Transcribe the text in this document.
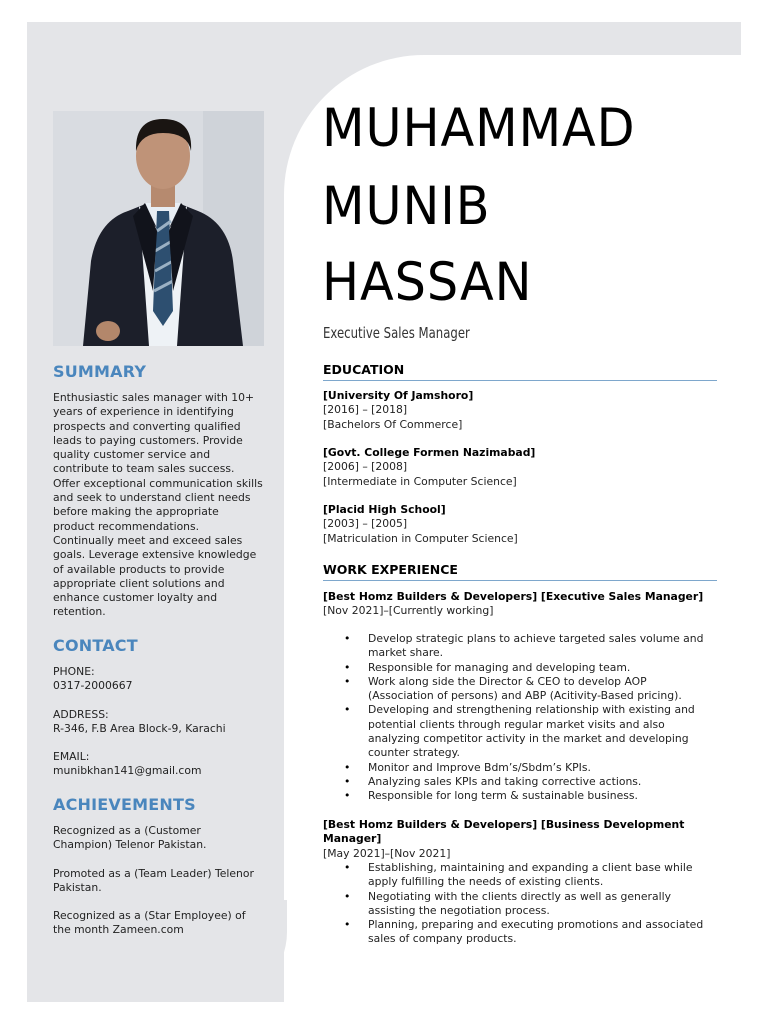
SUMMARY
Enthusiastic sales manager with 10+
years of experience in identifying
prospects and converting qualified
leads to paying customers. Provide
quality customer service and
contribute to team sales success.
Offer exceptional communication skills
and seek to understand client needs
before making the appropriate
product recommendations.
Continually meet and exceed sales
goals. Leverage extensive knowledge
of available products to provide
appropriate client solutions and
enhance customer loyalty and
retention.
CONTACT
PHONE:
0317-2000667
ADDRESS:
R-346, F.B Area Block-9, Karachi
EMAIL:
munibkhan141@gmail.com
ACHIEVEMENTS
Recognized as a (Customer
Champion) Telenor Pakistan.
Promoted as a (Team Leader) Telenor
Pakistan.
Recognized as a (Star Employee) of
the month Zameen.com
MUHAMMAD
MUNIB
HASSAN
Executive Sales Manager
EDUCATION
[University Of Jamshoro]
[2016] – [2018]
[Bachelors Of Commerce]
[Govt. College Formen Nazimabad]
[2006] – [2008]
[Intermediate in Computer Science]
[Placid High School]
[2003] – [2005]
[Matriculation in Computer Science]
WORK EXPERIENCE
[Best Homz Builders & Developers] [Executive Sales Manager]
[Nov 2021]–[Currently working]
• Develop strategic plans to achieve targeted sales volume and market share.
• Responsible for managing and developing team.
• Work along side the Director & CEO to develop AOP (Association of persons) and ABP (Acitivity-Based pricing).
• Developing and strengthening relationship with existing and potential clients through regular market visits and also analyzing competitor activity in the market and developing counter strategy.
• Monitor and Improve Bdm’s/Sbdm’s KPIs.
• Analyzing sales KPIs and taking corrective actions.
• Responsible for long term & sustainable business.
[Best Homz Builders & Developers] [Business Development Manager]
[May 2021]–[Nov 2021]
• Establishing, maintaining and expanding a client base while apply fulfilling the needs of existing clients.
• Negotiating with the clients directly as well as generally assisting the negotiation process.
• Planning, preparing and executing promotions and associated sales of company products.
